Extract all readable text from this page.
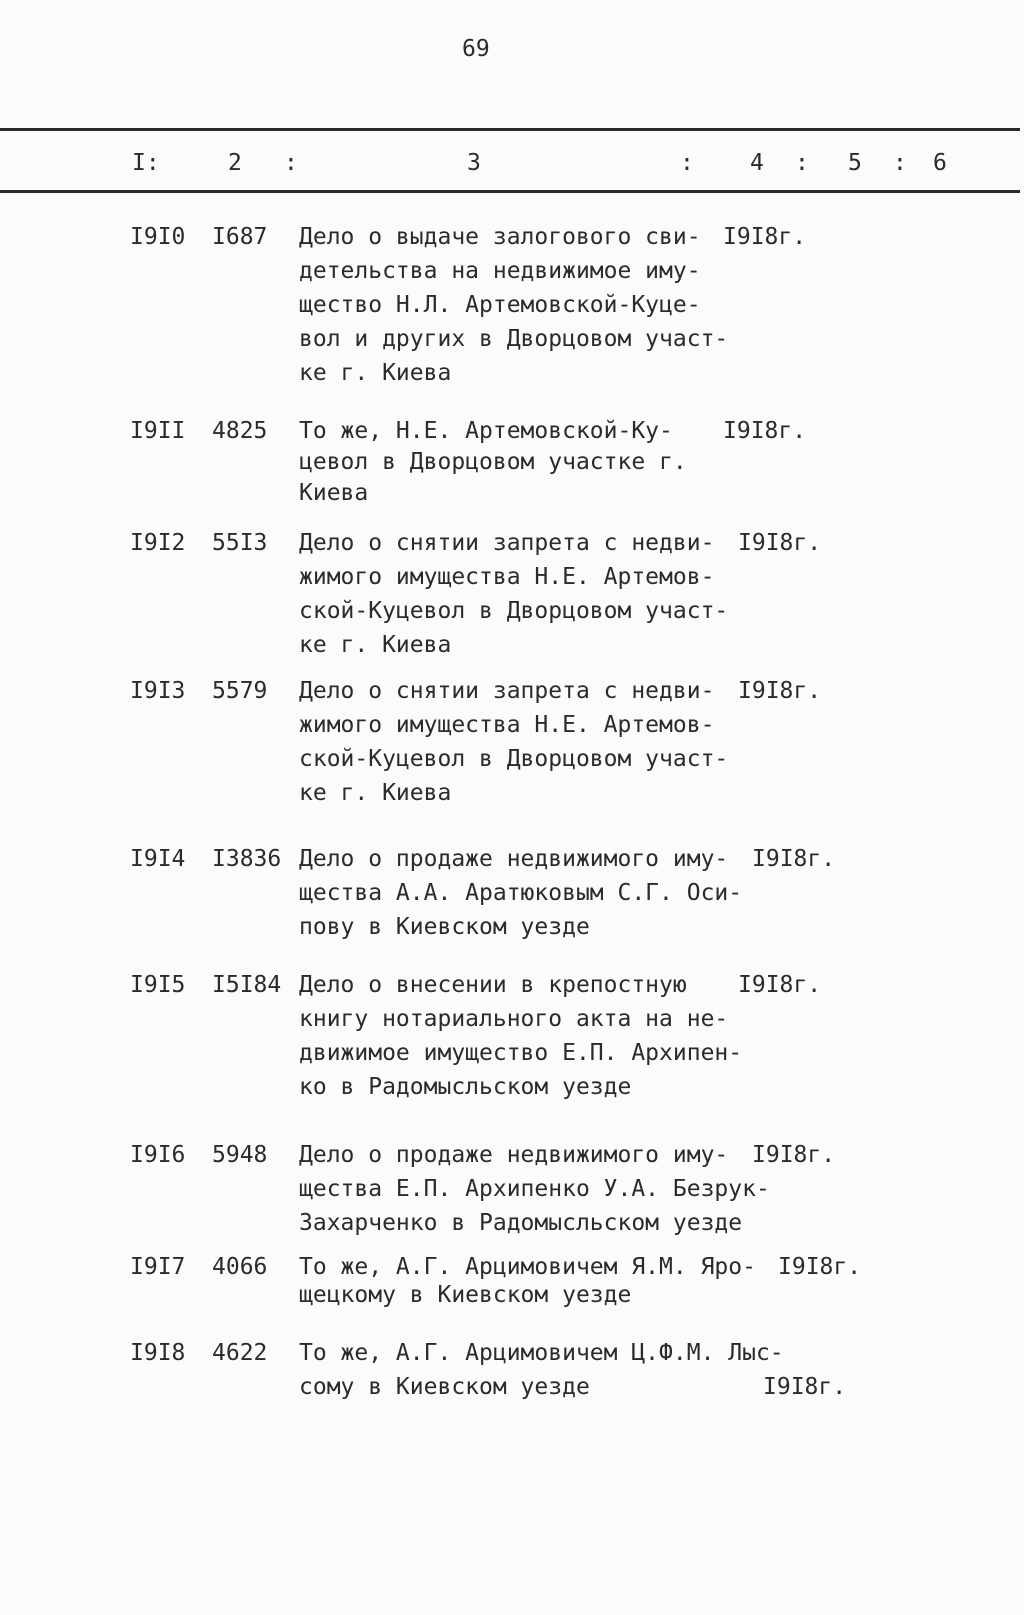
69
I:	2 :	3	: 4 : 5 : 6
I9I0 I687 Дело о выдаче залогового сви-
детельства на недвижимое иму-
щество Н.Л. Артемовской-Куце-
вол и других в Дворцовом участ-
ке г. Киева
I9I8г.
I9II 4825 То же, Н.Е. Артемовской-Ку-
цевол в Дворцовом участке г.
Киева
I9I8г.
I9I2 55I3 Дело о снятии запрета с недви-
жимого имущества Н.Е. Артемов-
ской-Куцевол в Дворцовом участ-
ке г. Киева
I9I8г.
I9I3 5579 Дело о снятии запрета с недви-
жимого имущества Н.Е. Артемов-
ской-Куцевол в Дворцовом участ-
ке г. Киева
I9I8г.
I9I4 I3836 Дело о продаже недвижимого иму-
щества А.А. Аратюковым С.Г. Оси-
пову в Киевском уезде
I9I8г.
I9I5 I5I84 Дело о внесении в крепостную
книгу нотариального акта на не-
движимое имущество Е.П. Архипен-
ко в Радомысльском уезде
I9I8г.
I9I6 5948 Дело о продаже недвижимого иму-
щества Е.П. Архипенко У.А. Безрук-
Захарченко в Радомысльском уезде
I9I8г.
I9I7 4066 То же, А.Г. Арцимовичем Я.М. Яро-
щецкому в Киевском уезде
I9I8г.
I9I8 4622 То же, А.Г. Арцимовичем Ц.Ф.М. Лыс-
сому в Киевском уезде	I9I8г.
